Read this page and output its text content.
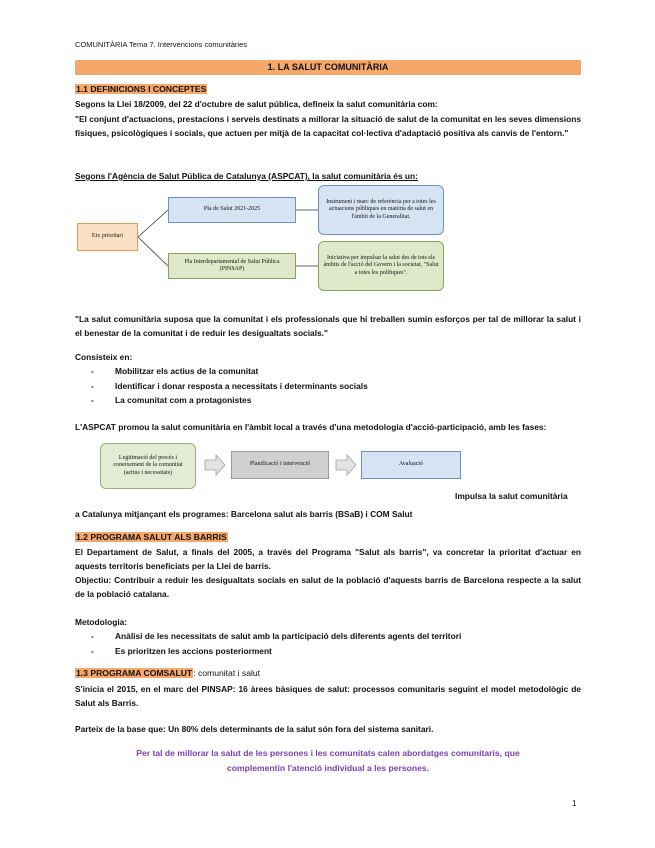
COMUNITÀRIA Tema 7. Intervencions comunitàries
1. LA SALUT COMUNITÀRIA
1.1 DEFINICIONS I CONCEPTES
Segons la Llei 18/2009, del 22 d'octubre de salut pública, defineix la salut comunitària com:
"El conjunt d'actuacions, prestacions i serveis destinats a millorar la situació de salut de la comunitat en les seves dimensions físiques, psicològiques i socials, que actuen per mitjà de la capacitat col·lectiva d'adaptació positiva als canvis de l'entorn."
Segons l'Agència de Salut Pública de Catalunya (ASPCAT), la salut comunitària és un:
Eix prioritari
Pla de Salut 2021-2025
Instrument i marc de referència per a totes les actuacions públiques en matèria de salut en l'àmbit de la Generalitat.
Pla Interdepartamental de Salut Pública (PINSAP)
Iniciativa per impulsar la salut des de tots els àmbits de l'acció del Govern i la societat, "Salut a totes les polítiques".
"La salut comunitària suposa que la comunitat i els professionals que hi treballen sumin esforços per tal de millorar la salut i el benestar de la comunitat i de reduir les desigualtats socials."
Consisteix en:
- Mobilitzar els actius de la comunitat
- Identificar i donar resposta a necessitats i determinants socials
- La comunitat com a protagonistes
L'ASPCAT promou la salut comunitària en l'àmbit local a través d'una metodologia d'acció-participació, amb les fases:
Legitimació del procés i coneixement de la comunitat (actius i necessitats)
Planificació i intervenció	Avaluació
Impulsa la salut comunitària
a Catalunya mitjançant els programes: Barcelona salut als barris (BSaB) i COM Salut
1.2 PROGRAMA SALUT ALS BARRIS
El Departament de Salut, a finals del 2005, a través del Programa "Salut als barris", va concretar la prioritat d'actuar en aquests territoris beneficiats per la Llei de barris.
Objectiu: Contribuir a reduir les desigualtats socials en salut de la població d'aquests barris de Barcelona respecte a la salut de la població catalana.
Metodologia:
- Anàlisi de les necessitats de salut amb la participació dels diferents agents del territori
- Es prioritzen les accions posteriorment
1.3 PROGRAMA COMSALUT: comunitat i salut
S'inicia el 2015, en el marc del PINSAP: 16 àrees bàsiques de salut: processos comunitaris seguint el model metodològic de Salut als Barris.
Parteix de la base que: Un 80% dels determinants de la salut són fora del sistema sanitari.
Per tal de millorar la salut de les persones i les comunitats calen abordatges comunitaris, que complementin l'atenció individual a les persones.
1
